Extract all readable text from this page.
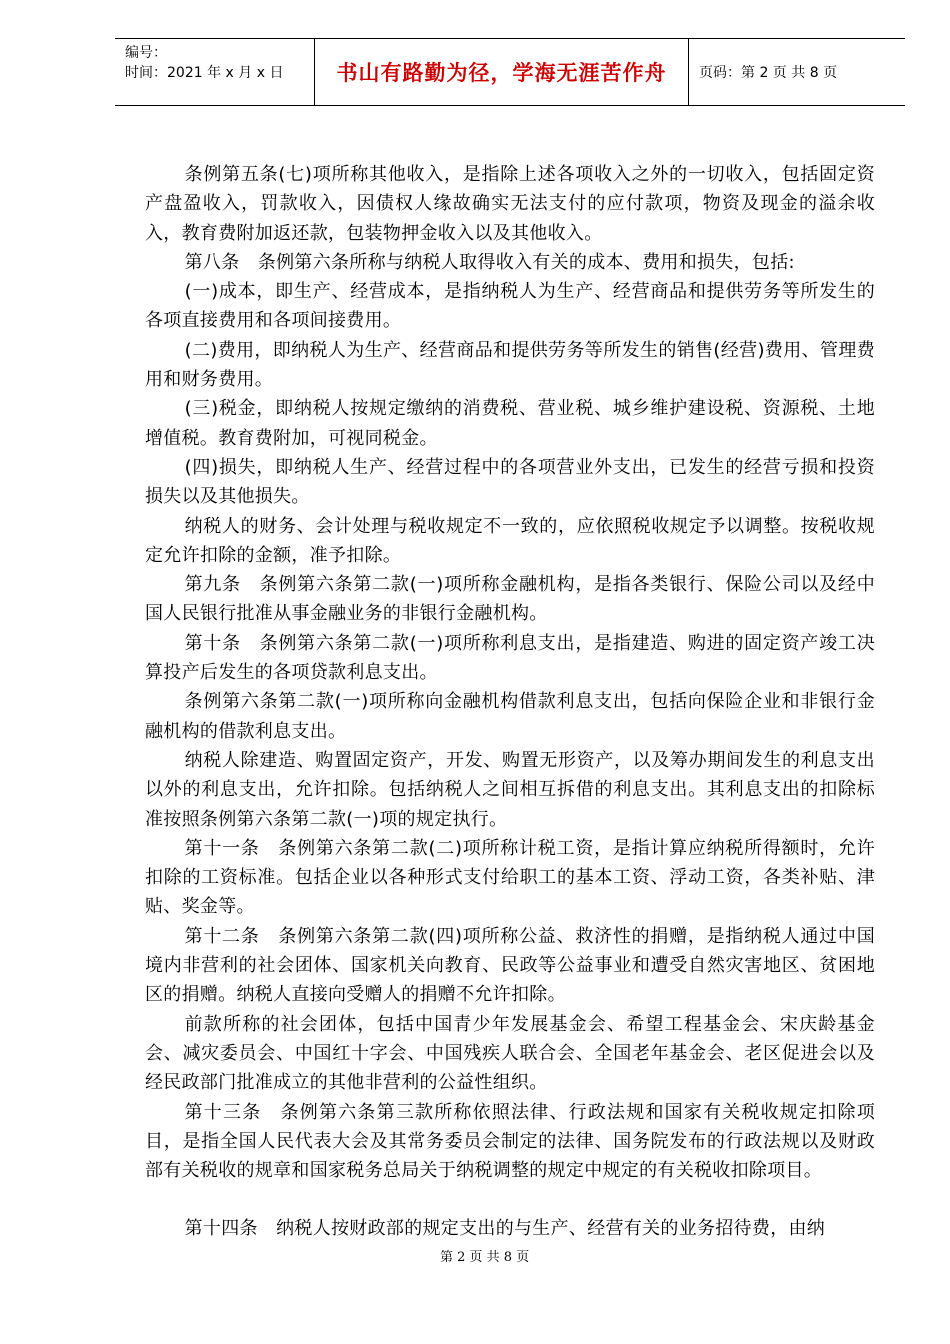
编号：
时间：2021 年 x 月 x 日	书山有路勤为径，学海无涯苦作舟	页码：第 2 页 共 8 页

条例第五条(七)项所称其他收入，是指除上述各项收入之外的一切收入，包括固定资产盘盈收入，罚款收入，因债权人缘故确实无法支付的应付款项，物资及现金的溢余收入，教育费附加返还款，包装物押金收入以及其他收入。

第八条　条例第六条所称与纳税人取得收入有关的成本、费用和损失，包括:

(一)成本，即生产、经营成本，是指纳税人为生产、经营商品和提供劳务等所发生的各项直接费用和各项间接费用。

(二)费用，即纳税人为生产、经营商品和提供劳务等所发生的销售(经营)费用、管理费用和财务费用。

(三)税金，即纳税人按规定缴纳的消费税、营业税、城乡维护建设税、资源税、土地增值税。教育费附加，可视同税金。

(四)损失，即纳税人生产、经营过程中的各项营业外支出，已发生的经营亏损和投资损失以及其他损失。

纳税人的财务、会计处理与税收规定不一致的，应依照税收规定予以调整。按税收规定允许扣除的金额，准予扣除。

第九条　条例第六条第二款(一)项所称金融机构，是指各类银行、保险公司以及经中国人民银行批准从事金融业务的非银行金融机构。

第十条　条例第六条第二款(一)项所称利息支出，是指建造、购进的固定资产竣工决算投产后发生的各项贷款利息支出。

条例第六条第二款(一)项所称向金融机构借款利息支出，包括向保险企业和非银行金融机构的借款利息支出。

纳税人除建造、购置固定资产，开发、购置无形资产，以及筹办期间发生的利息支出以外的利息支出，允许扣除。包括纳税人之间相互拆借的利息支出。其利息支出的扣除标准按照条例第六条第二款(一)项的规定执行。

第十一条　条例第六条第二款(二)项所称计税工资，是指计算应纳税所得额时，允许扣除的工资标准。包括企业以各种形式支付给职工的基本工资、浮动工资，各类补贴、津贴、奖金等。

第十二条　条例第六条第二款(四)项所称公益、救济性的捐赠，是指纳税人通过中国境内非营利的社会团体、国家机关向教育、民政等公益事业和遭受自然灾害地区、贫困地区的捐赠。纳税人直接向受赠人的捐赠不允许扣除。

前款所称的社会团体，包括中国青少年发展基金会、希望工程基金会、宋庆龄基金会、减灾委员会、中国红十字会、中国残疾人联合会、全国老年基金会、老区促进会以及经民政部门批准成立的其他非营利的公益性组织。

第十三条　条例第六条第三款所称依照法律、行政法规和国家有关税收规定扣除项目，是指全国人民代表大会及其常务委员会制定的法律、国务院发布的行政法规以及财政部有关税收的规章和国家税务总局关于纳税调整的规定中规定的有关税收扣除项目。

第十四条　纳税人按财政部的规定支出的与生产、经营有关的业务招待费，由纳

第 2 页 共 8 页
